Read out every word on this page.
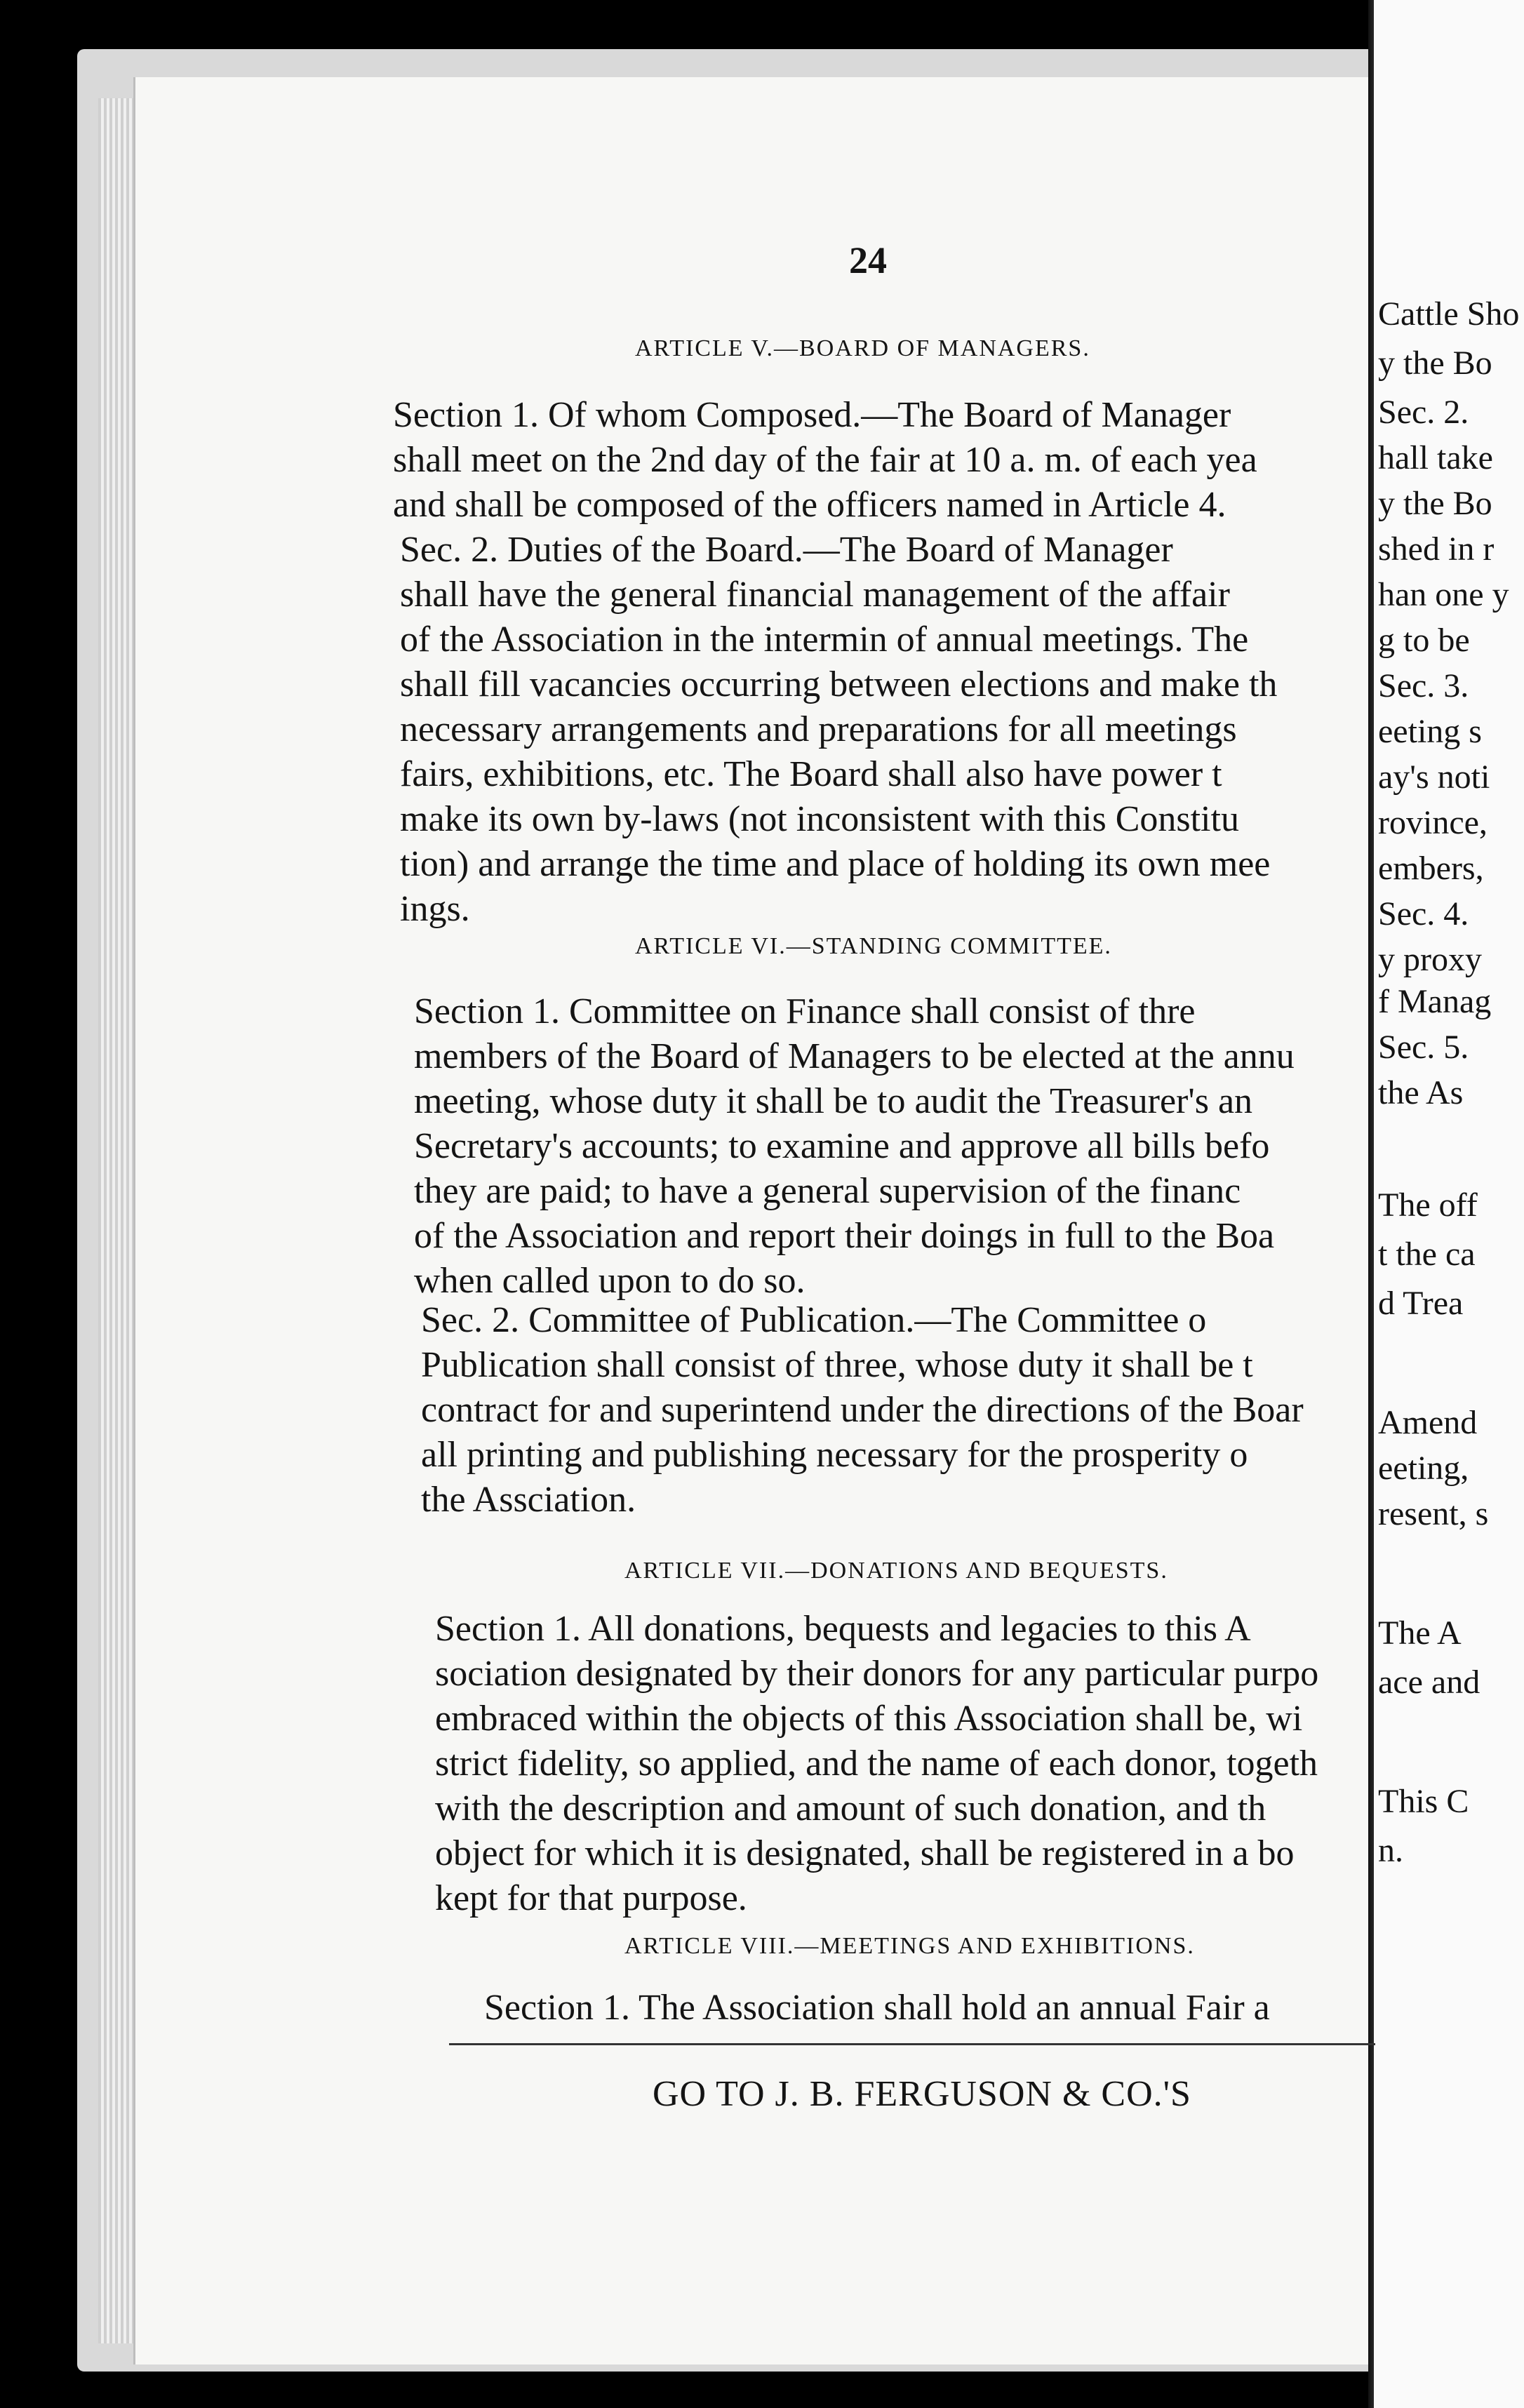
24
ARTICLE V.—BOARD OF MANAGERS.
Section 1. Of whom Composed.—The Board of Manager
shall meet on the 2nd day of the fair at 10 a. m. of each yea
and shall be composed of the officers named in Article 4.
Sec. 2. Duties of the Board.—The Board of Manager
shall have the general financial management of the affair
of the Association in the intermin of annual meetings. The
shall fill vacancies occurring between elections and make th
necessary arrangements and preparations for all meetings
fairs, exhibitions, etc. The Board shall also have power t
make its own by-laws (not inconsistent with this Constitu
tion) and arrange the time and place of holding its own mee
ings.
ARTICLE VI.—STANDING COMMITTEE.
Section 1. Committee on Finance shall consist of thre
members of the Board of Managers to be elected at the annu
meeting, whose duty it shall be to audit the Treasurer's an
Secretary's accounts; to examine and approve all bills befo
they are paid; to have a general supervision of the financ
of the Association and report their doings in full to the Boa
when called upon to do so.
Sec. 2. Committee of Publication.—The Committee o
Publication shall consist of three, whose duty it shall be t
contract for and superintend under the directions of the Boar
all printing and publishing necessary for the prosperity o
the Assciation.
ARTICLE VII.—DONATIONS AND BEQUESTS.
Section 1. All donations, bequests and legacies to this A
sociation designated by their donors for any particular purpo
embraced within the objects of this Association shall be, wi
strict fidelity, so applied, and the name of each donor, togeth
with the description and amount of such donation, and th
object for which it is designated, shall be registered in a bo
kept for that purpose.
ARTICLE VIII.—MEETINGS AND EXHIBITIONS.
Section 1. The Association shall hold an annual Fair a
GO TO J. B. FERGUSON & CO.'S
Cattle Sho
y the Bo
Sec. 2.
hall take
y the Bo
shed in r
han one y
g to be
Sec. 3.
eeting s
ay's noti
rovince,
embers,
Sec. 4.
y proxy
f Manag
Sec. 5.
the As
The off
t the ca
d Trea
Amend
eeting,
resent, s
The A
ace and
This C
n.
